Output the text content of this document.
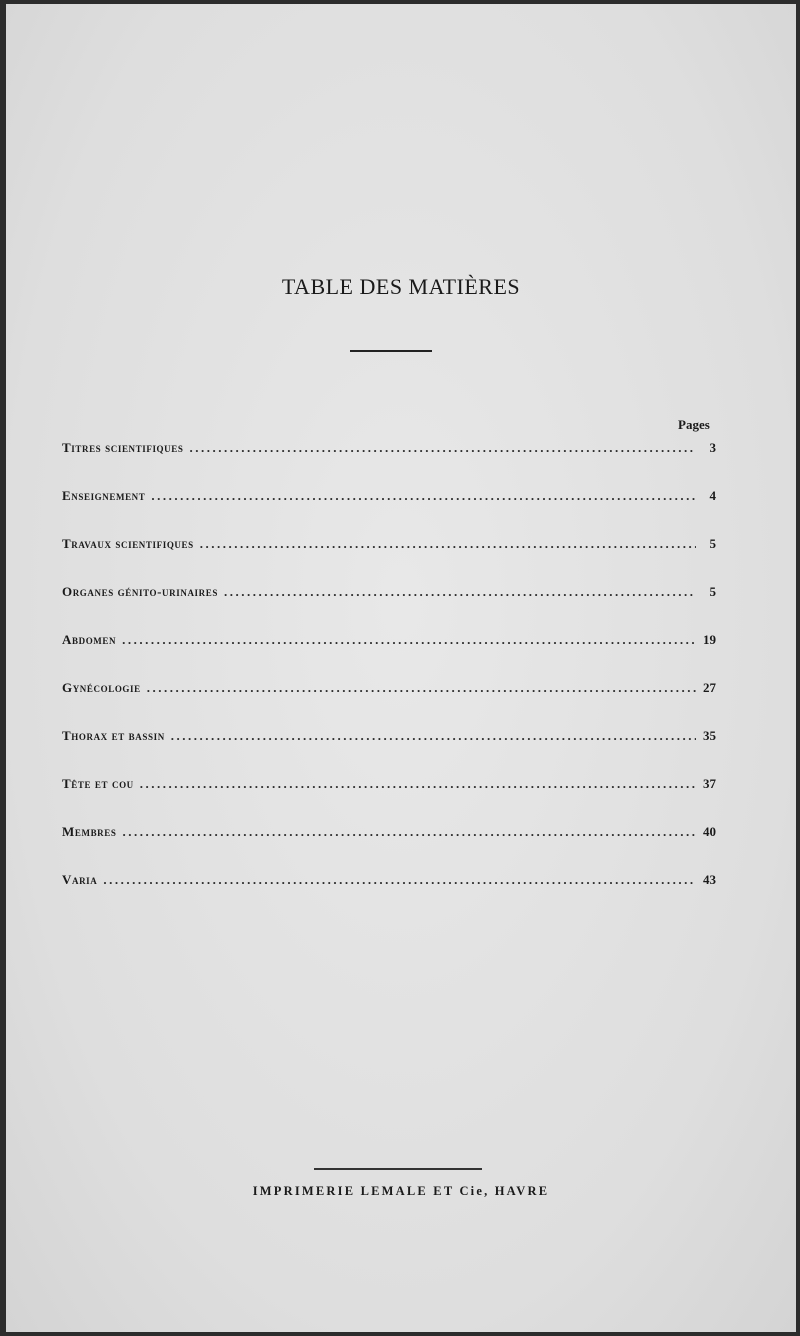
TABLE DES MATIÈRES
Pages
Titres scientifiques .....	3
Enseignement .....	4
Travaux scientifiques .....	5
Organes génito-urinaires .....	5
Abdomen .....	19
Gynécologie .....	27
Thorax et bassin .....	35
Tête et cou .....	37
Membres .....	40
Varia .....	43
IMPRIMERIE LEMALE ET Cie, HAVRE
